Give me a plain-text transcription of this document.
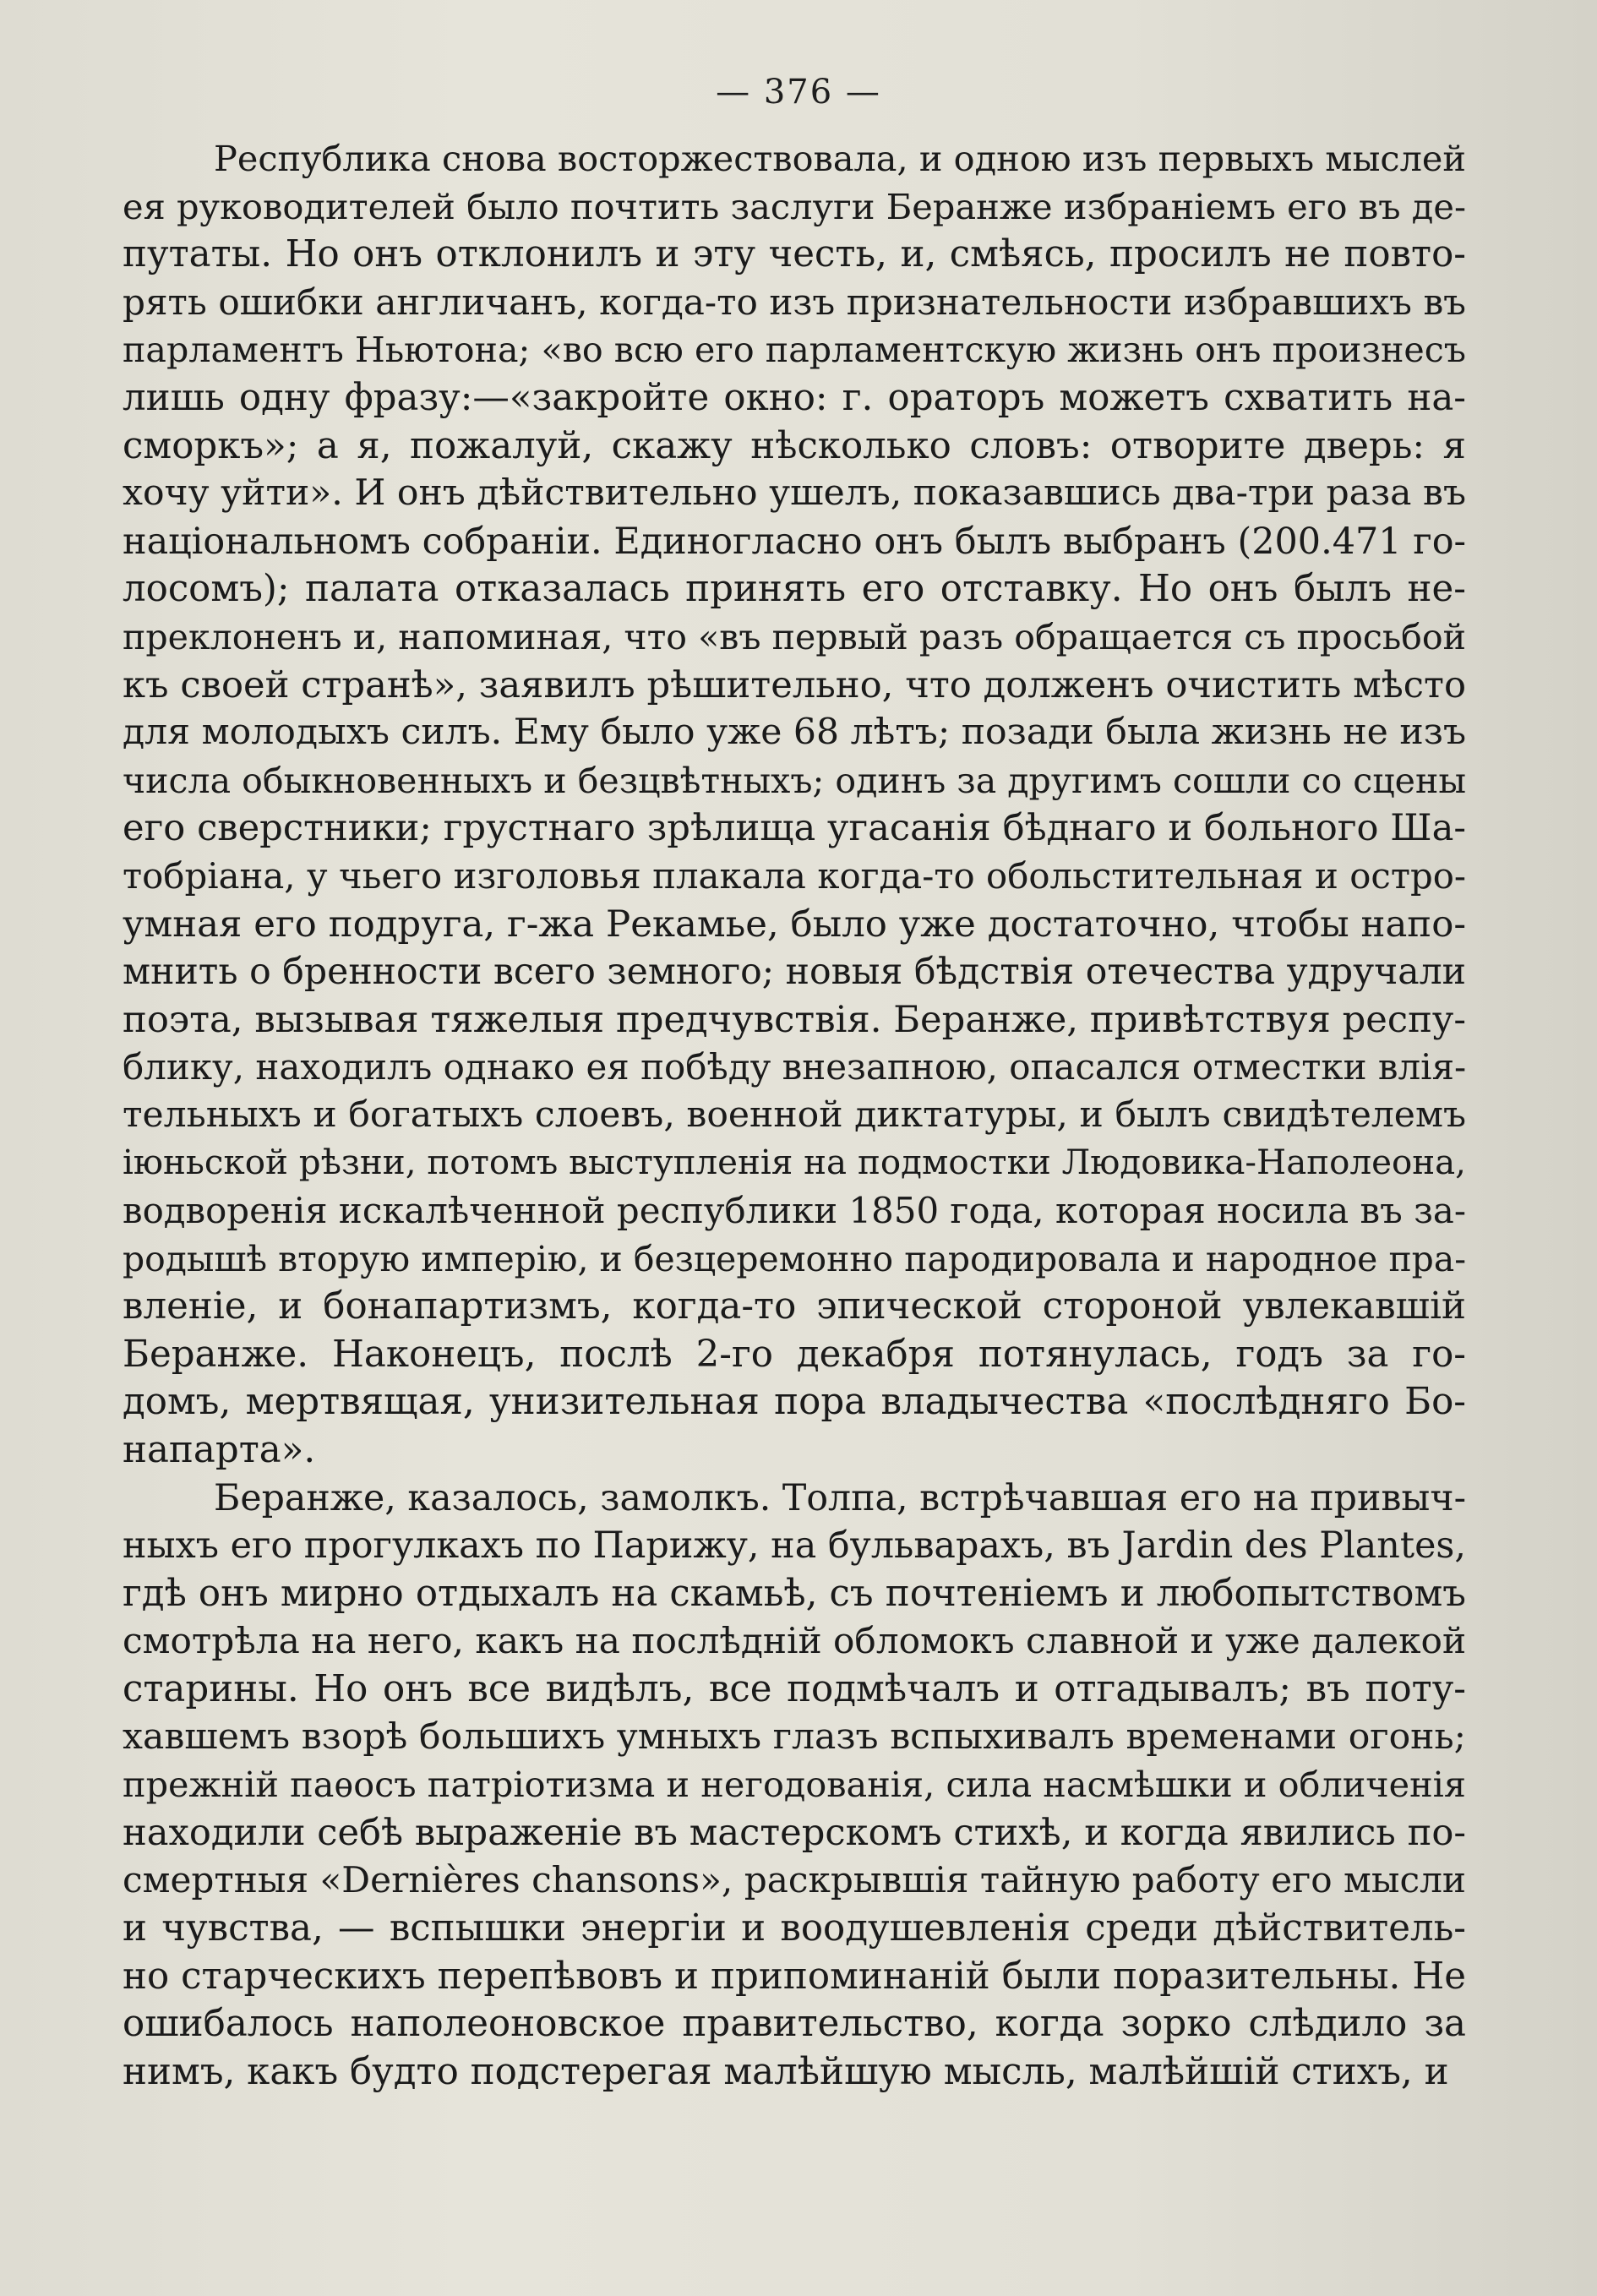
— 376 —
Республика снова восторжествовала, и одною изъ первыхъ мыслей
ея руководителей было почтить заслуги Беранже избраніемъ его въ де-
путаты. Но онъ отклонилъ и эту честь, и, смѣясь, просилъ не повто-
рять ошибки англичанъ, когда-то изъ признательности избравшихъ въ
парламентъ Ньютона; «во всю его парламентскую жизнь онъ произнесъ
лишь одну фразу:—«закройте окно: г. ораторъ можетъ схватить на-
сморкъ»; а я, пожалуй, скажу нѣсколько словъ: отворите дверь: я
хочу уйти». И онъ дѣйствительно ушелъ, показавшись два-три раза въ
національномъ собраніи. Единогласно онъ былъ выбранъ (200.471 го-
лосомъ); палата отказалась принять его отставку. Но онъ былъ не-
преклоненъ и, напоминая, что «въ первый разъ обращается съ просьбой
къ своей странѣ», заявилъ рѣшительно, что долженъ очистить мѣсто
для молодыхъ силъ. Ему было уже 68 лѣтъ; позади была жизнь не изъ
числа обыкновенныхъ и безцвѣтныхъ; одинъ за другимъ сошли со сцены
его сверстники; грустнаго зрѣлища угасанія бѣднаго и больного Ша-
тобріана, у чьего изголовья плакала когда-то обольстительная и остро-
умная его подруга, г-жа Рекамье, было уже достаточно, чтобы напо-
мнить о бренности всего земного; новыя бѣдствія отечества удручали
поэта, вызывая тяжелыя предчувствія. Беранже, привѣтствуя респу-
блику, находилъ однако ея побѣду внезапною, опасался отместки влія-
тельныхъ и богатыхъ слоевъ, военной диктатуры, и былъ свидѣтелемъ
іюньской рѣзни, потомъ выступленія на подмостки Людовика-Наполеона,
водворенія искалѣченной республики 1850 года, которая носила въ за-
родышѣ вторую имперію, и безцеремонно пародировала и народное пра-
вленіе, и бонапартизмъ, когда-то эпической стороной увлекавшій
Беранже. Наконецъ, послѣ 2-го декабря потянулась, годъ за го-
домъ, мертвящая, унизительная пора владычества «послѣдняго Бо-
напарта».
Беранже, казалось, замолкъ. Толпа, встрѣчавшая его на привыч-
ныхъ его прогулкахъ по Парижу, на бульварахъ, въ Jardin des Plantes,
гдѣ онъ мирно отдыхалъ на скамьѣ, съ почтеніемъ и любопытствомъ
смотрѣла на него, какъ на послѣдній обломокъ славной и уже далекой
старины. Но онъ все видѣлъ, все подмѣчалъ и отгадывалъ; въ поту-
хавшемъ взорѣ большихъ умныхъ глазъ вспыхивалъ временами огонь;
прежній паѳосъ патріотизма и негодованія, сила насмѣшки и обличенія
находили себѣ выраженіе въ мастерскомъ стихѣ, и когда явились по-
смертныя «Dernières chansons», раскрывшія тайную работу его мысли
и чувства, — вспышки энергіи и воодушевленія среди дѣйствитель-
но старческихъ перепѣвовъ и припоминаній были поразительны. Не
ошибалось наполеоновское правительство, когда зорко слѣдило за
нимъ, какъ будто подстерегая малѣйшую мысль, малѣйшій стихъ, и
